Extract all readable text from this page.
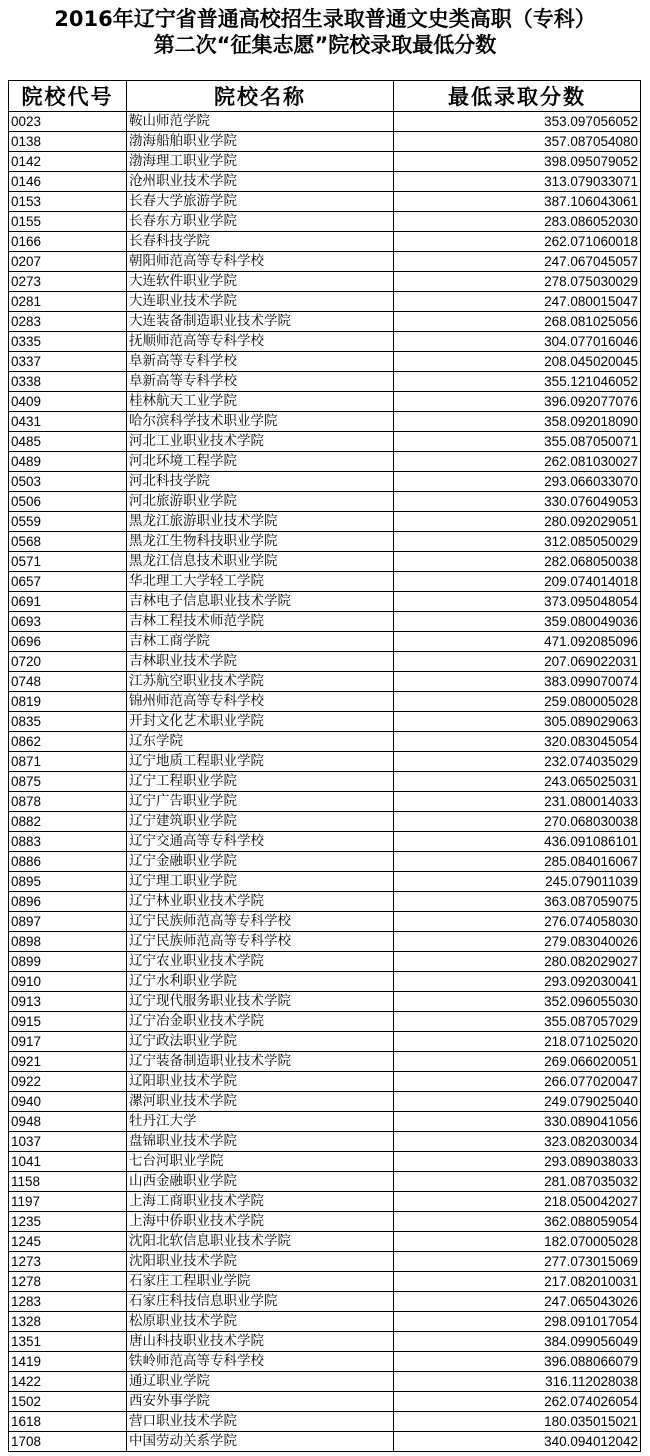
2016年辽宁省普通高校招生录取普通文史类高职（专科）
第二次“征集志愿”院校录取最低分数
院校代号	院校名称	最低录取分数
0023	鞍山师范学院	353.097056052
0138	渤海船舶职业学院	357.087054080
0142	渤海理工职业学院	398.095079052
0146	沧州职业技术学院	313.079033071
0153	长春大学旅游学院	387.106043061
0155	长春东方职业学院	283.086052030
0166	长春科技学院	262.071060018
0207	朝阳师范高等专科学校	247.067045057
0273	大连软件职业学院	278.075030029
0281	大连职业技术学院	247.080015047
0283	大连装备制造职业技术学院	268.081025056
0335	抚顺师范高等专科学校	304.077016046
0337	阜新高等专科学校	208.045020045
0338	阜新高等专科学校	355.121046052
0409	桂林航天工业学院	396.092077076
0431	哈尔滨科学技术职业学院	358.092018090
0485	河北工业职业技术学院	355.087050071
0489	河北环境工程学院	262.081030027
0503	河北科技学院	293.066033070
0506	河北旅游职业学院	330.076049053
0559	黑龙江旅游职业技术学院	280.092029051
0568	黑龙江生物科技职业学院	312.085050029
0571	黑龙江信息技术职业学院	282.068050038
0657	华北理工大学轻工学院	209.074014018
0691	吉林电子信息职业技术学院	373.095048054
0693	吉林工程技术师范学院	359.080049036
0696	吉林工商学院	471.092085096
0720	吉林职业技术学院	207.069022031
0748	江苏航空职业技术学院	383.099070074
0819	锦州师范高等专科学校	259.080005028
0835	开封文化艺术职业学院	305.089029063
0862	辽东学院	320.083045054
0871	辽宁地质工程职业学院	232.074035029
0875	辽宁工程职业学院	243.065025031
0878	辽宁广告职业学院	231.080014033
0882	辽宁建筑职业学院	270.068030038
0883	辽宁交通高等专科学校	436.091086101
0886	辽宁金融职业学院	285.084016067
0895	辽宁理工职业学院	245.079011039
0896	辽宁林业职业技术学院	363.087059075
0897	辽宁民族师范高等专科学校	276.074058030
0898	辽宁民族师范高等专科学校	279.083040026
0899	辽宁农业职业技术学院	280.082029027
0910	辽宁水利职业学院	293.092030041
0913	辽宁现代服务职业技术学院	352.096055030
0915	辽宁冶金职业技术学院	355.087057029
0917	辽宁政法职业学院	218.071025020
0921	辽宁装备制造职业技术学院	269.066020051
0922	辽阳职业技术学院	266.077020047
0940	漯河职业技术学院	249.079025040
0948	牡丹江大学	330.089041056
1037	盘锦职业技术学院	323.082030034
1041	七台河职业学院	293.089038033
1158	山西金融职业学院	281.087035032
1197	上海工商职业技术学院	218.050042027
1235	上海中侨职业技术学院	362.088059054
1245	沈阳北软信息职业技术学院	182.070005028
1273	沈阳职业技术学院	277.073015069
1278	石家庄工程职业学院	217.082010031
1283	石家庄科技信息职业学院	247.065043026
1328	松原职业技术学院	298.091017054
1351	唐山科技职业技术学院	384.099056049
1419	铁岭师范高等专科学校	396.088066079
1422	通辽职业学院	316.112028038
1502	西安外事学院	262.074026054
1618	营口职业技术学院	180.035015021
1708	中国劳动关系学院	340.094012042
